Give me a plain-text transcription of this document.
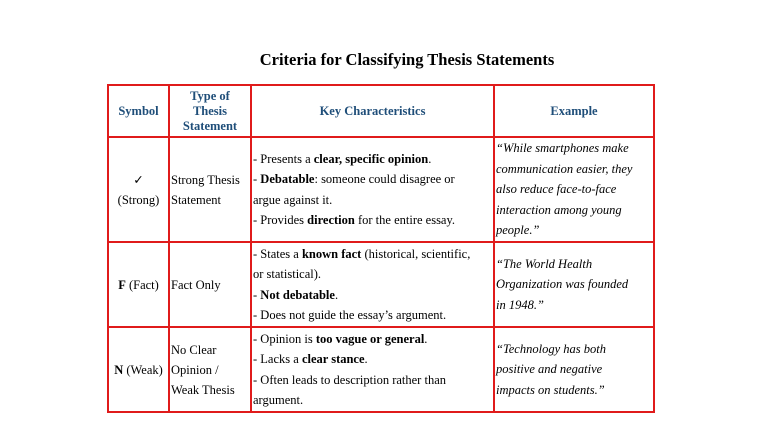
Criteria for Classifying Thesis Statements
Symbol	Type of
Thesis
Statement	Key Characteristics	Example

✓
(Strong)	Strong Thesis
Statement	- Presents a clear, specific opinion.
- Debatable: someone could disagree or
argue against it.
- Provides direction for the entire essay.	“While smartphones make
communication easier, they
also reduce face-to-face
interaction among young
people.”

F (Fact)	Fact Only	- States a known fact (historical, scientific,
or statistical).
- Not debatable.
- Does not guide the essay’s argument.	“The World Health
Organization was founded
in 1948.”

N (Weak)	No Clear
Opinion /
Weak Thesis	- Opinion is too vague or general.
- Lacks a clear stance.
- Often leads to description rather than
argument.	“Technology has both
positive and negative
impacts on students.”
